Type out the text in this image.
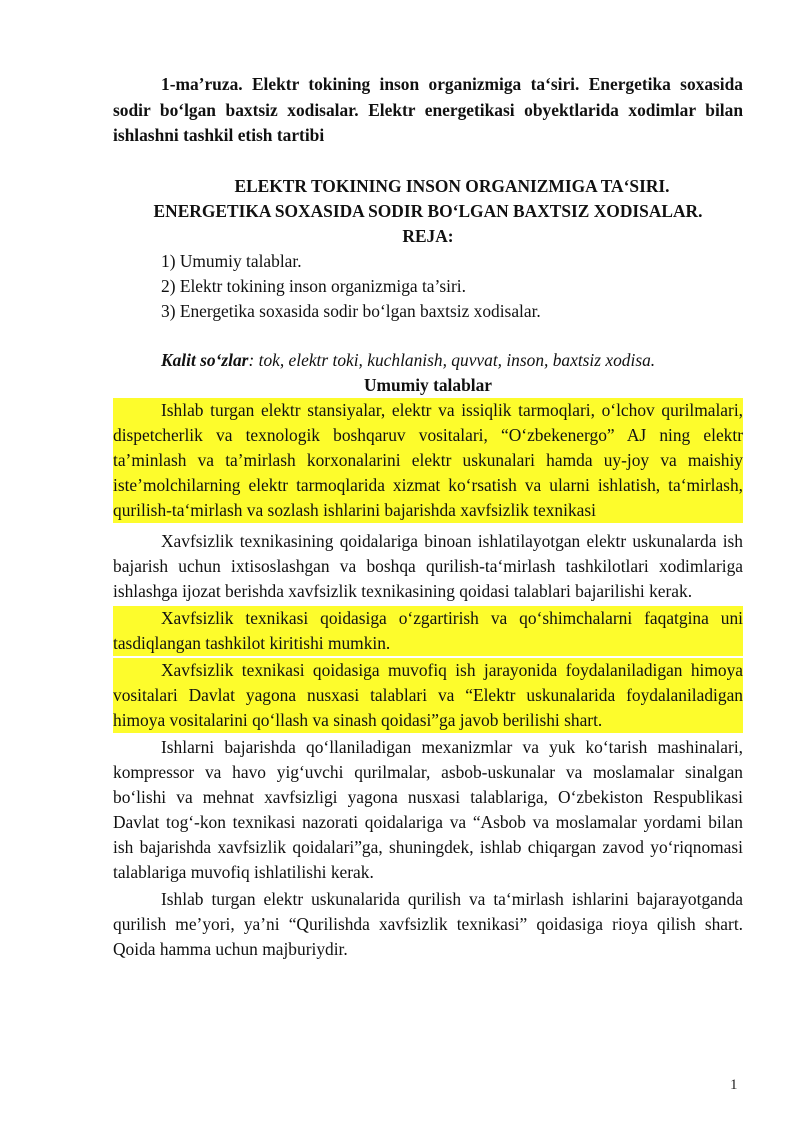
1-ma’ruza. Elektr tokining inson organizmiga ta‘siri. Energetika soxasida sodir bo‘lgan baxtsiz xodisalar. Elektr energetikasi obyektlarida xodimlar bilan ishlashni tashkil etish tartibi
ELEKTR TOKINING INSON ORGANIZMIGA TA‘SIRI.
ENERGETIKA SOXASIDA SODIR BO‘LGAN BAXTSIZ XODISALAR.
REJA:
1) Umumiy talablar.
2) Elektr tokining inson organizmiga ta’siri.
3) Energetika soxasida sodir bo‘lgan baxtsiz xodisalar.
Kalit so‘zlar: tok, elektr toki, kuchlanish, quvvat, inson, baxtsiz xodisa.
Umumiy talablar
Ishlab turgan elektr stansiyalar, elektr va issiqlik tarmoqlari, o‘lchov qurilmalari, dispetcherlik va texnologik boshqaruv vositalari, “O‘zbekenergo” AJ ning elektr ta’minlash va ta’mirlash korxonalarini elektr uskunalari hamda uy-joy va maishiy iste’molchilarning elektr tarmoqlarida xizmat ko‘rsatish va ularni ishlatish, ta‘mirlash, qurilish-ta‘mirlash va sozlash ishlarini bajarishda xavfsizlik texnikasi
Xavfsizlik texnikasining qoidalariga binoan ishlatilayotgan elektr uskunalarda ish bajarish uchun ixtisoslashgan va boshqa qurilish-ta‘mirlash tashkilotlari xodimlariga ishlashga ijozat berishda xavfsizlik texnikasining qoidasi talablari bajarilishi kerak.
Xavfsizlik texnikasi qoidasiga o‘zgartirish va qo‘shimchalarni faqatgina uni tasdiqlangan tashkilot kiritishi mumkin.
Xavfsizlik texnikasi qoidasiga muvofiq ish jarayonida foydalaniladigan himoya vositalari Davlat yagona nusxasi talablari va “Elektr uskunalarida foydalaniladigan himoya vositalarini qo‘llash va sinash qoidasi”ga javob berilishi shart.
Ishlarni bajarishda qo‘llaniladigan mexanizmlar va yuk ko‘tarish mashinalari, kompressor va havo yig‘uvchi qurilmalar, asbob-uskunalar va moslamalar sinalgan bo‘lishi va mehnat xavfsizligi yagona nusxasi talablariga, O‘zbekiston Respublikasi Davlat tog‘-kon texnikasi nazorati qoidalariga va “Asbob va moslamalar yordami bilan ish bajarishda xavfsizlik qoidalari”ga, shuningdek, ishlab chiqargan zavod yo‘riqnomasi talablariga muvofiq ishlatilishi kerak.
Ishlab turgan elektr uskunalarida qurilish va ta‘mirlash ishlarini bajarayotganda qurilish me’yori, ya’ni “Qurilishda xavfsizlik texnikasi” qoidasiga rioya qilish shart. Qoida hamma uchun majburiydir.
1
